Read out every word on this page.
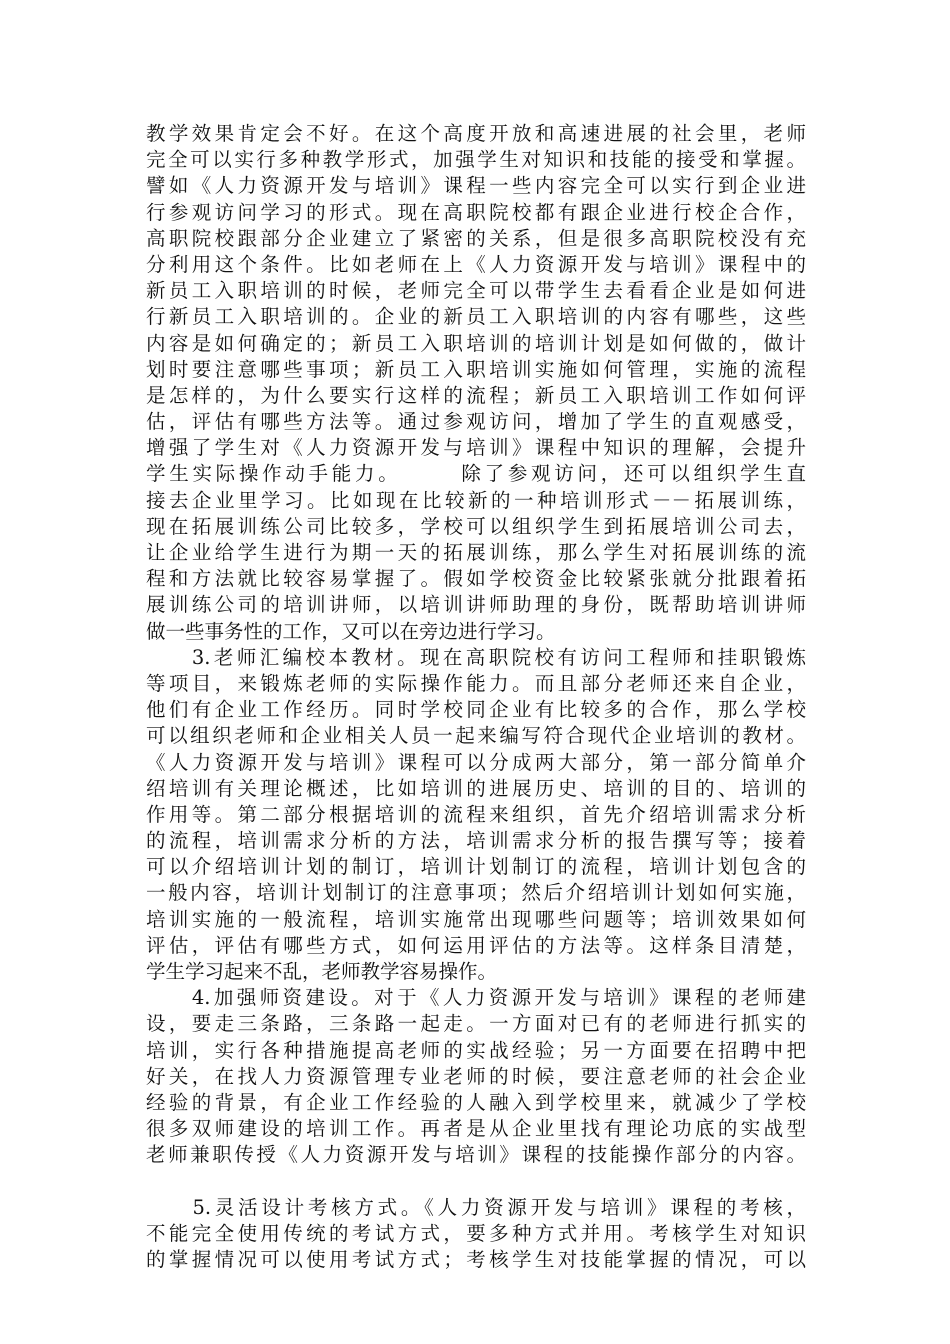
教学效果肯定会不好。在这个高度开放和高速进展的社会里，老师
完全可以实行多种教学形式，加强学生对知识和技能的接受和掌握。
譬如《人力资源开发与培训》课程一些内容完全可以实行到企业进
行参观访问学习的形式。现在高职院校都有跟企业进行校企合作，
高职院校跟部分企业建立了紧密的关系，但是很多高职院校没有充
分利用这个条件。比如老师在上《人力资源开发与培训》课程中的
新员工入职培训的时候，老师完全可以带学生去看看企业是如何进
行新员工入职培训的。企业的新员工入职培训的内容有哪些，这些
内容是如何确定的；新员工入职培训的培训计划是如何做的，做计
划时要注意哪些事项；新员工入职培训实施如何管理，实施的流程
是怎样的，为什么要实行这样的流程；新员工入职培训工作如何评
估，评估有哪些方法等。通过参观访问，增加了学生的直观感受，
增强了学生对《人力资源开发与培训》课程中知识的理解，会提升
学生实际操作动手能力。　　　除了参观访问，还可以组织学生直
接去企业里学习。比如现在比较新的一种培训形式－－拓展训练，
现在拓展训练公司比较多，学校可以组织学生到拓展培训公司去，
让企业给学生进行为期一天的拓展训练，那么学生对拓展训练的流
程和方法就比较容易掌握了。假如学校资金比较紧张就分批跟着拓
展训练公司的培训讲师，以培训讲师助理的身份，既帮助培训讲师
做一些事务性的工作，又可以在旁边进行学习。
　　3.老师汇编校本教材。现在高职院校有访问工程师和挂职锻炼
等项目，来锻炼老师的实际操作能力。而且部分老师还来自企业，
他们有企业工作经历。同时学校同企业有比较多的合作，那么学校
可以组织老师和企业相关人员一起来编写符合现代企业培训的教材。
《人力资源开发与培训》课程可以分成两大部分，第一部分简单介
绍培训有关理论概述，比如培训的进展历史、培训的目的、培训的
作用等。第二部分根据培训的流程来组织，首先介绍培训需求分析
的流程，培训需求分析的方法，培训需求分析的报告撰写等；接着
可以介绍培训计划的制订，培训计划制订的流程，培训计划包含的
一般内容，培训计划制订的注意事项；然后介绍培训计划如何实施，
培训实施的一般流程，培训实施常出现哪些问题等；培训效果如何
评估，评估有哪些方式，如何运用评估的方法等。这样条目清楚，
学生学习起来不乱，老师教学容易操作。
　　4.加强师资建设。对于《人力资源开发与培训》课程的老师建
设，要走三条路，三条路一起走。一方面对已有的老师进行抓实的
培训，实行各种措施提高老师的实战经验；另一方面要在招聘中把
好关，在找人力资源管理专业老师的时候，要注意老师的社会企业
经验的背景，有企业工作经验的人融入到学校里来，就减少了学校
很多双师建设的培训工作。再者是从企业里找有理论功底的实战型
老师兼职传授《人力资源开发与培训》课程的技能操作部分的内容。
　　5.灵活设计考核方式。《人力资源开发与培训》课程的考核，
不能完全使用传统的考试方式，要多种方式并用。考核学生对知识
的掌握情况可以使用考试方式；考核学生对技能掌握的情况，可以
